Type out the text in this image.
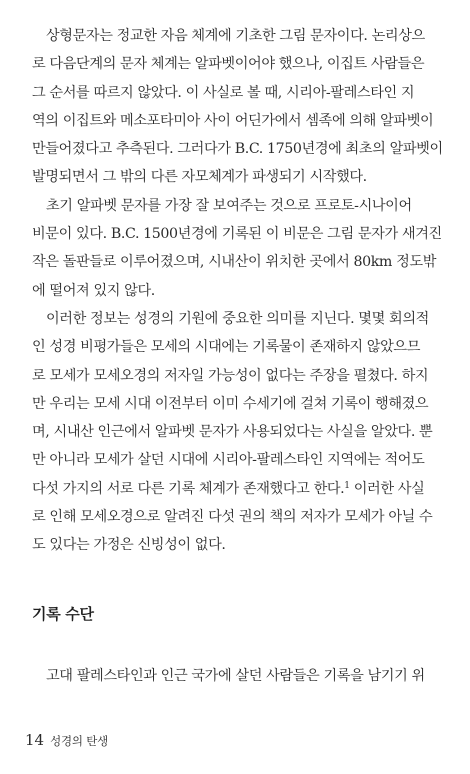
상형문자는 정교한 자음 체계에 기초한 그림 문자이다. 논리상으
로 다음단계의 문자 체계는 알파벳이어야 했으나, 이집트 사람들은
그 순서를 따르지 않았다. 이 사실로 볼 때, 시리아-팔레스타인 지
역의 이집트와 메소포타미아 사이 어딘가에서 셈족에 의해 알파벳이
만들어졌다고 추측된다. 그러다가 B.C. 1750년경에 최초의 알파벳이
발명되면서 그 밖의 다른 자모체계가 파생되기 시작했다.

초기 알파벳 문자를 가장 잘 보여주는 것으로 프로토-시나이어
비문이 있다. B.C. 1500년경에 기록된 이 비문은 그림 문자가 새겨진
작은 돌판들로 이루어졌으며, 시내산이 위치한 곳에서 80km 정도밖
에 떨어져 있지 않다.

이러한 정보는 성경의 기원에 중요한 의미를 지닌다. 몇몇 회의적
인 성경 비평가들은 모세의 시대에는 기록물이 존재하지 않았으므
로 모세가 모세오경의 저자일 가능성이 없다는 주장을 펼쳤다. 하지
만 우리는 모세 시대 이전부터 이미 수세기에 걸쳐 기록이 행해졌으
며, 시내산 인근에서 알파벳 문자가 사용되었다는 사실을 알았다. 뿐
만 아니라 모세가 살던 시대에 시리아-팔레스타인 지역에는 적어도
다섯 가지의 서로 다른 기록 체계가 존재했다고 한다.$^1$ 이러한 사실
로 인해 모세오경으로 알려진 다섯 권의 책의 저자가 모세가 아닐 수
도 있다는 가정은 신빙성이 없다.

기록 수단
고대 팔레스타인과 인근 국가에 살던 사람들은 기록을 남기기 위
14 성경의 탄생
